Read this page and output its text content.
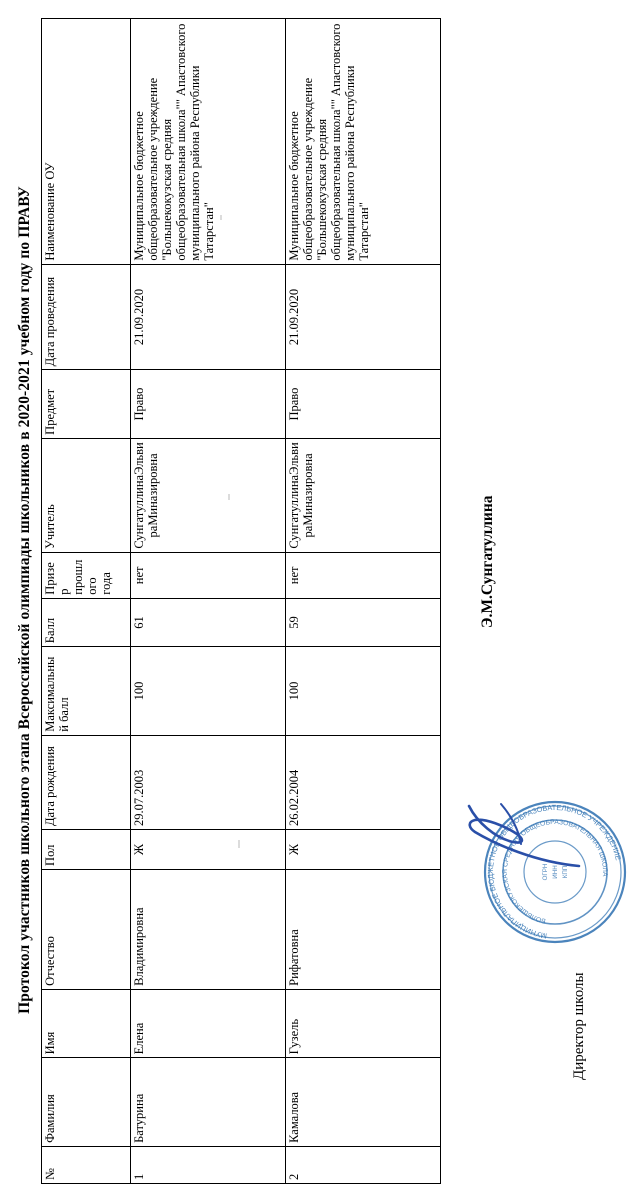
Протокол участников школьного этапа Всероссийской олимпиады школьников в 2020-2021 учебном году по ПРАВУ
№	Фамилия	Имя	Отчество	Пол	Дата рождения	Максимальный балл	Балл	Призер прошлого года	Учитель	Предмет	Дата проведения	Наименование ОУ
1	Батурина	Елена	Владимировна	Ж	29.07.2003	100	61	нет	СунгатуллинаЭльвираМиназировна	Право	21.09.2020	Муниципальное бюджетное общеобразовательное учреждение "Большекокузская средняя общеобразовательная школа"" Апастовского муниципального района Республики Татарстан"
2	Камалова	Гузель	Рифатовна	Ж	26.02.2004	100	59	нет	СунгатуллинаЭльвираМиназировна	Право	21.09.2020	Муниципальное бюджетное общеобразовательное учреждение "Большекокузская средняя общеобразовательная школа"" Апастовского муниципального района Республики Татарстан"
Директор школы
МУНИЦИПАЛЬНОЕ БЮДЖЕТНОЕ ОБЩЕОБРАЗОВАТЕЛЬНОЕ УЧРЕЖДЕНИЕ
БОЛЬШЕКОКУЗСКАЯ СРЕДНЯЯ ОБЩЕОБРАЗОВАТЕЛЬНАЯ ШКОЛА
ОГРН ИНН КПП
Э.М.Сунгатуллина
